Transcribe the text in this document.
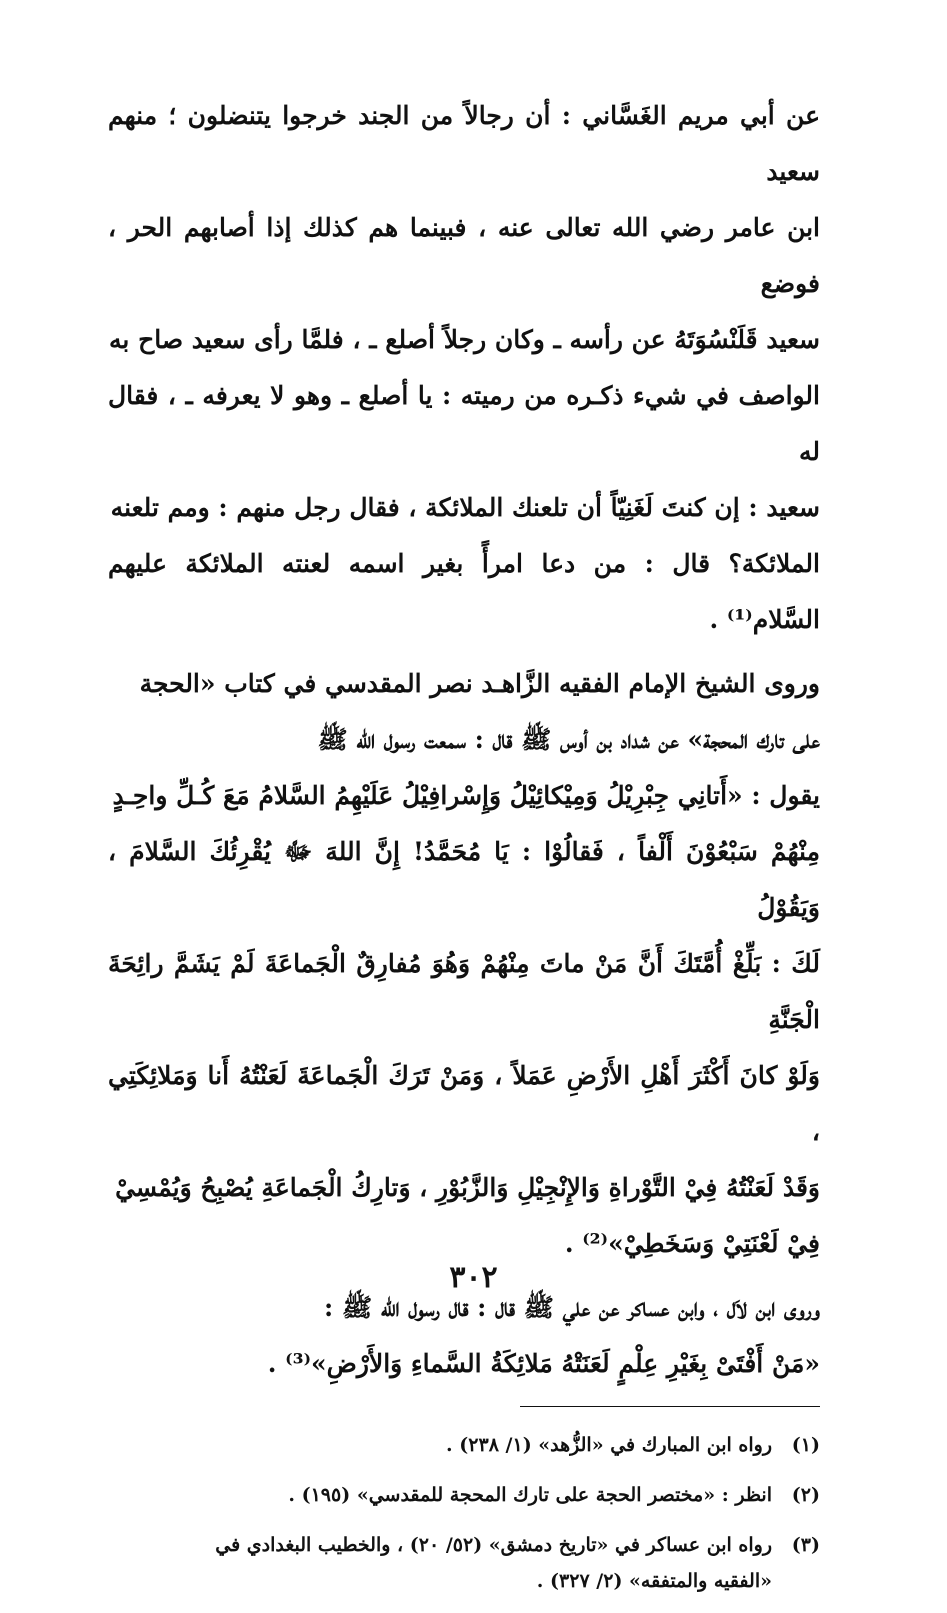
عن أبي مريم الغَسَّاني : أن رجالاً من الجند خرجوا يتنضلون ؛ منهم سعيد

ابن عامر رضي الله تعالى عنه ، فبينما هم كذلك إذا أصابهم الحر ، فوضع

سعيد قَلَنْسُوَتَهُ عن رأسه ـ وكان رجلاً أصلع ـ ، فلمَّا رأى سعيد صاح به

الواصف في شيء ذكـره من رميته : يا أصلع ـ وهو لا يعرفه ـ ، فقال له

سعيد : إن كنتَ لَغَنِيّاً أن تلعنك الملائكة ، فقال رجل منهم : ومم تلعنه

الملائكة؟ قال : من دعا امرأً بغير اسمه لعنته الملائكة عليهم السَّلام⁽¹⁾ .

وروى الشيخ الإمام الفقيه الزَّاهـد نصر المقدسي في كتاب «الحجة

على تارك المحجة» عن شداد بن أوس ﷺ قال : سمعت رسول الله ﷺ

يقول : «أَتانِي جِبْرِيْلُ وَمِيْكائِيْلُ وَإِسْرافِيْلُ عَلَيْهِمُ السَّلامُ مَعَ كُـلِّ واحِـدٍ

مِنْهُمْ سَبْعُوْنَ أَلْفاً ، فَقالُوْا : يَا مُحَمَّدُ! إِنَّ اللهَ ﷻ يُقْرِئُكَ السَّلامَ ، وَيَقُوْلُ

لَكَ : بَلِّغْ أُمَّتَكَ أَنَّ مَنْ ماتَ مِنْهُمْ وَهُوَ مُفارِقٌ الْجَماعَةَ لَمْ يَشَمَّ رائِحَةَ الْجَنَّةِ

وَلَوْ كانَ أَكْثَرَ أَهْلِ الأَرْضِ عَمَلاً ، وَمَنْ تَرَكَ الْجَماعَةَ لَعَنْتُهُ أَنا وَمَلائِكَتِي ،

وَقَدْ لَعَنْتُهُ فِيْ التَّوْراةِ وَالإِنْجِيْلِ وَالزَّبُوْرِ ، وَتارِكُ الْجَماعَةِ يُصْبِحُ وَيُمْسِيْ

فِيْ لَعْنَتِيْ وَسَخَطِيْ»⁽²⁾ .

وروى ابن لاَل ، وابن عساكر عن علي ﷺ قال : قال رسول الله ﷺ :

«مَنْ أَفْتَىْ بِغَيْرِ عِلْمٍ لَعَنَتْهُ مَلائِكَةُ السَّماءِ وَالأَرْضِ»⁽³⁾ .

(١)
رواه ابن المبارك في «الزُّهد» (١/ ٢٣٨) .
(٢)
انظر : «مختصر الحجة على تارك المحجة للمقدسي» (١٩٥) .
(٣)
رواه ابن عساكر في «تاريخ دمشق» (٥٢/ ٢٠) ، والخطيب البغدادي في
«الفقيه والمتفقه» (٢/ ٣٢٧) .
٣٠٢
